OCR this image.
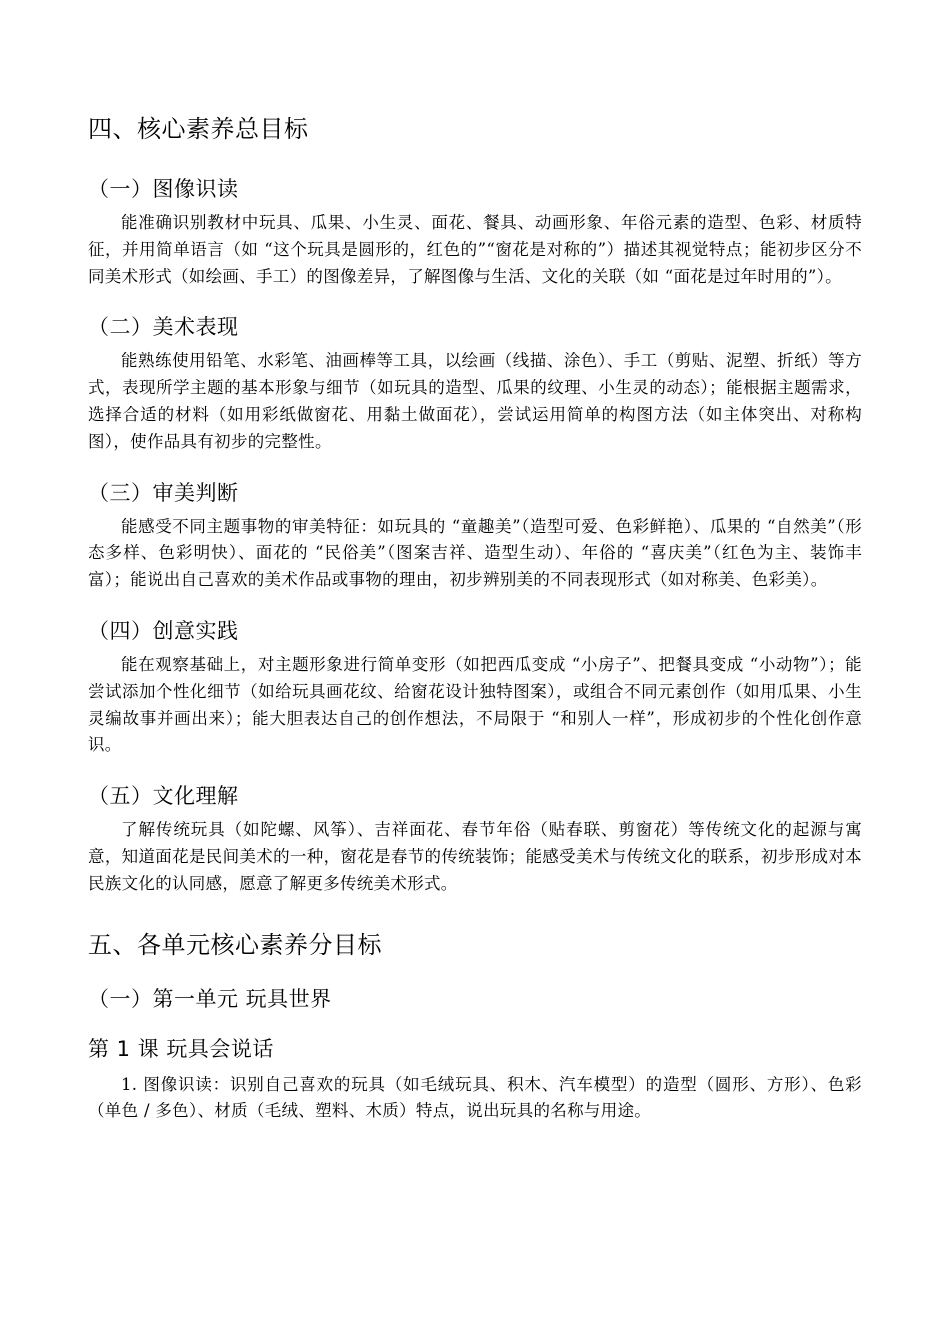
四、核心素养总目标
（一）图像识读

能准确识别教材中玩具、瓜果、小生灵、面花、餐具、动画形象、年俗元素的造型、色彩、材质特征，并用简单语言（如 “这个玩具是圆形的，红色的”“窗花是对称的”）描述其视觉特点；能初步区分不同美术形式（如绘画、手工）的图像差异，了解图像与生活、文化的关联（如 “面花是过年时用的”）。

（二）美术表现

能熟练使用铅笔、水彩笔、油画棒等工具，以绘画（线描、涂色）、手工（剪贴、泥塑、折纸）等方式，表现所学主题的基本形象与细节（如玩具的造型、瓜果的纹理、小生灵的动态）；能根据主题需求，选择合适的材料（如用彩纸做窗花、用黏土做面花），尝试运用简单的构图方法（如主体突出、对称构图），使作品具有初步的完整性。

（三）审美判断

能感受不同主题事物的审美特征：如玩具的 “童趣美”（造型可爱、色彩鲜艳）、瓜果的 “自然美”（形态多样、色彩明快）、面花的 “民俗美”（图案吉祥、造型生动）、年俗的 “喜庆美”（红色为主、装饰丰富）；能说出自己喜欢的美术作品或事物的理由，初步辨别美的不同表现形式（如对称美、色彩美）。

（四）创意实践

能在观察基础上，对主题形象进行简单变形（如把西瓜变成 “小房子”、把餐具变成 “小动物”）；能尝试添加个性化细节（如给玩具画花纹、给窗花设计独特图案），或组合不同元素创作（如用瓜果、小生灵编故事并画出来）；能大胆表达自己的创作想法，不局限于 “和别人一样”，形成初步的个性化创作意识。

（五）文化理解

了解传统玩具（如陀螺、风筝）、吉祥面花、春节年俗（贴春联、剪窗花）等传统文化的起源与寓意，知道面花是民间美术的一种，窗花是春节的传统装饰；能感受美术与传统文化的联系，初步形成对本民族文化的认同感，愿意了解更多传统美术形式。

五、各单元核心素养分目标
（一）第一单元 玩具世界
第 1 课 玩具会说话

1. 图像识读：识别自己喜欢的玩具（如毛绒玩具、积木、汽车模型）的造型（圆形、方形）、色彩（单色 / 多色）、材质（毛绒、塑料、木质）特点，说出玩具的名称与用途。
